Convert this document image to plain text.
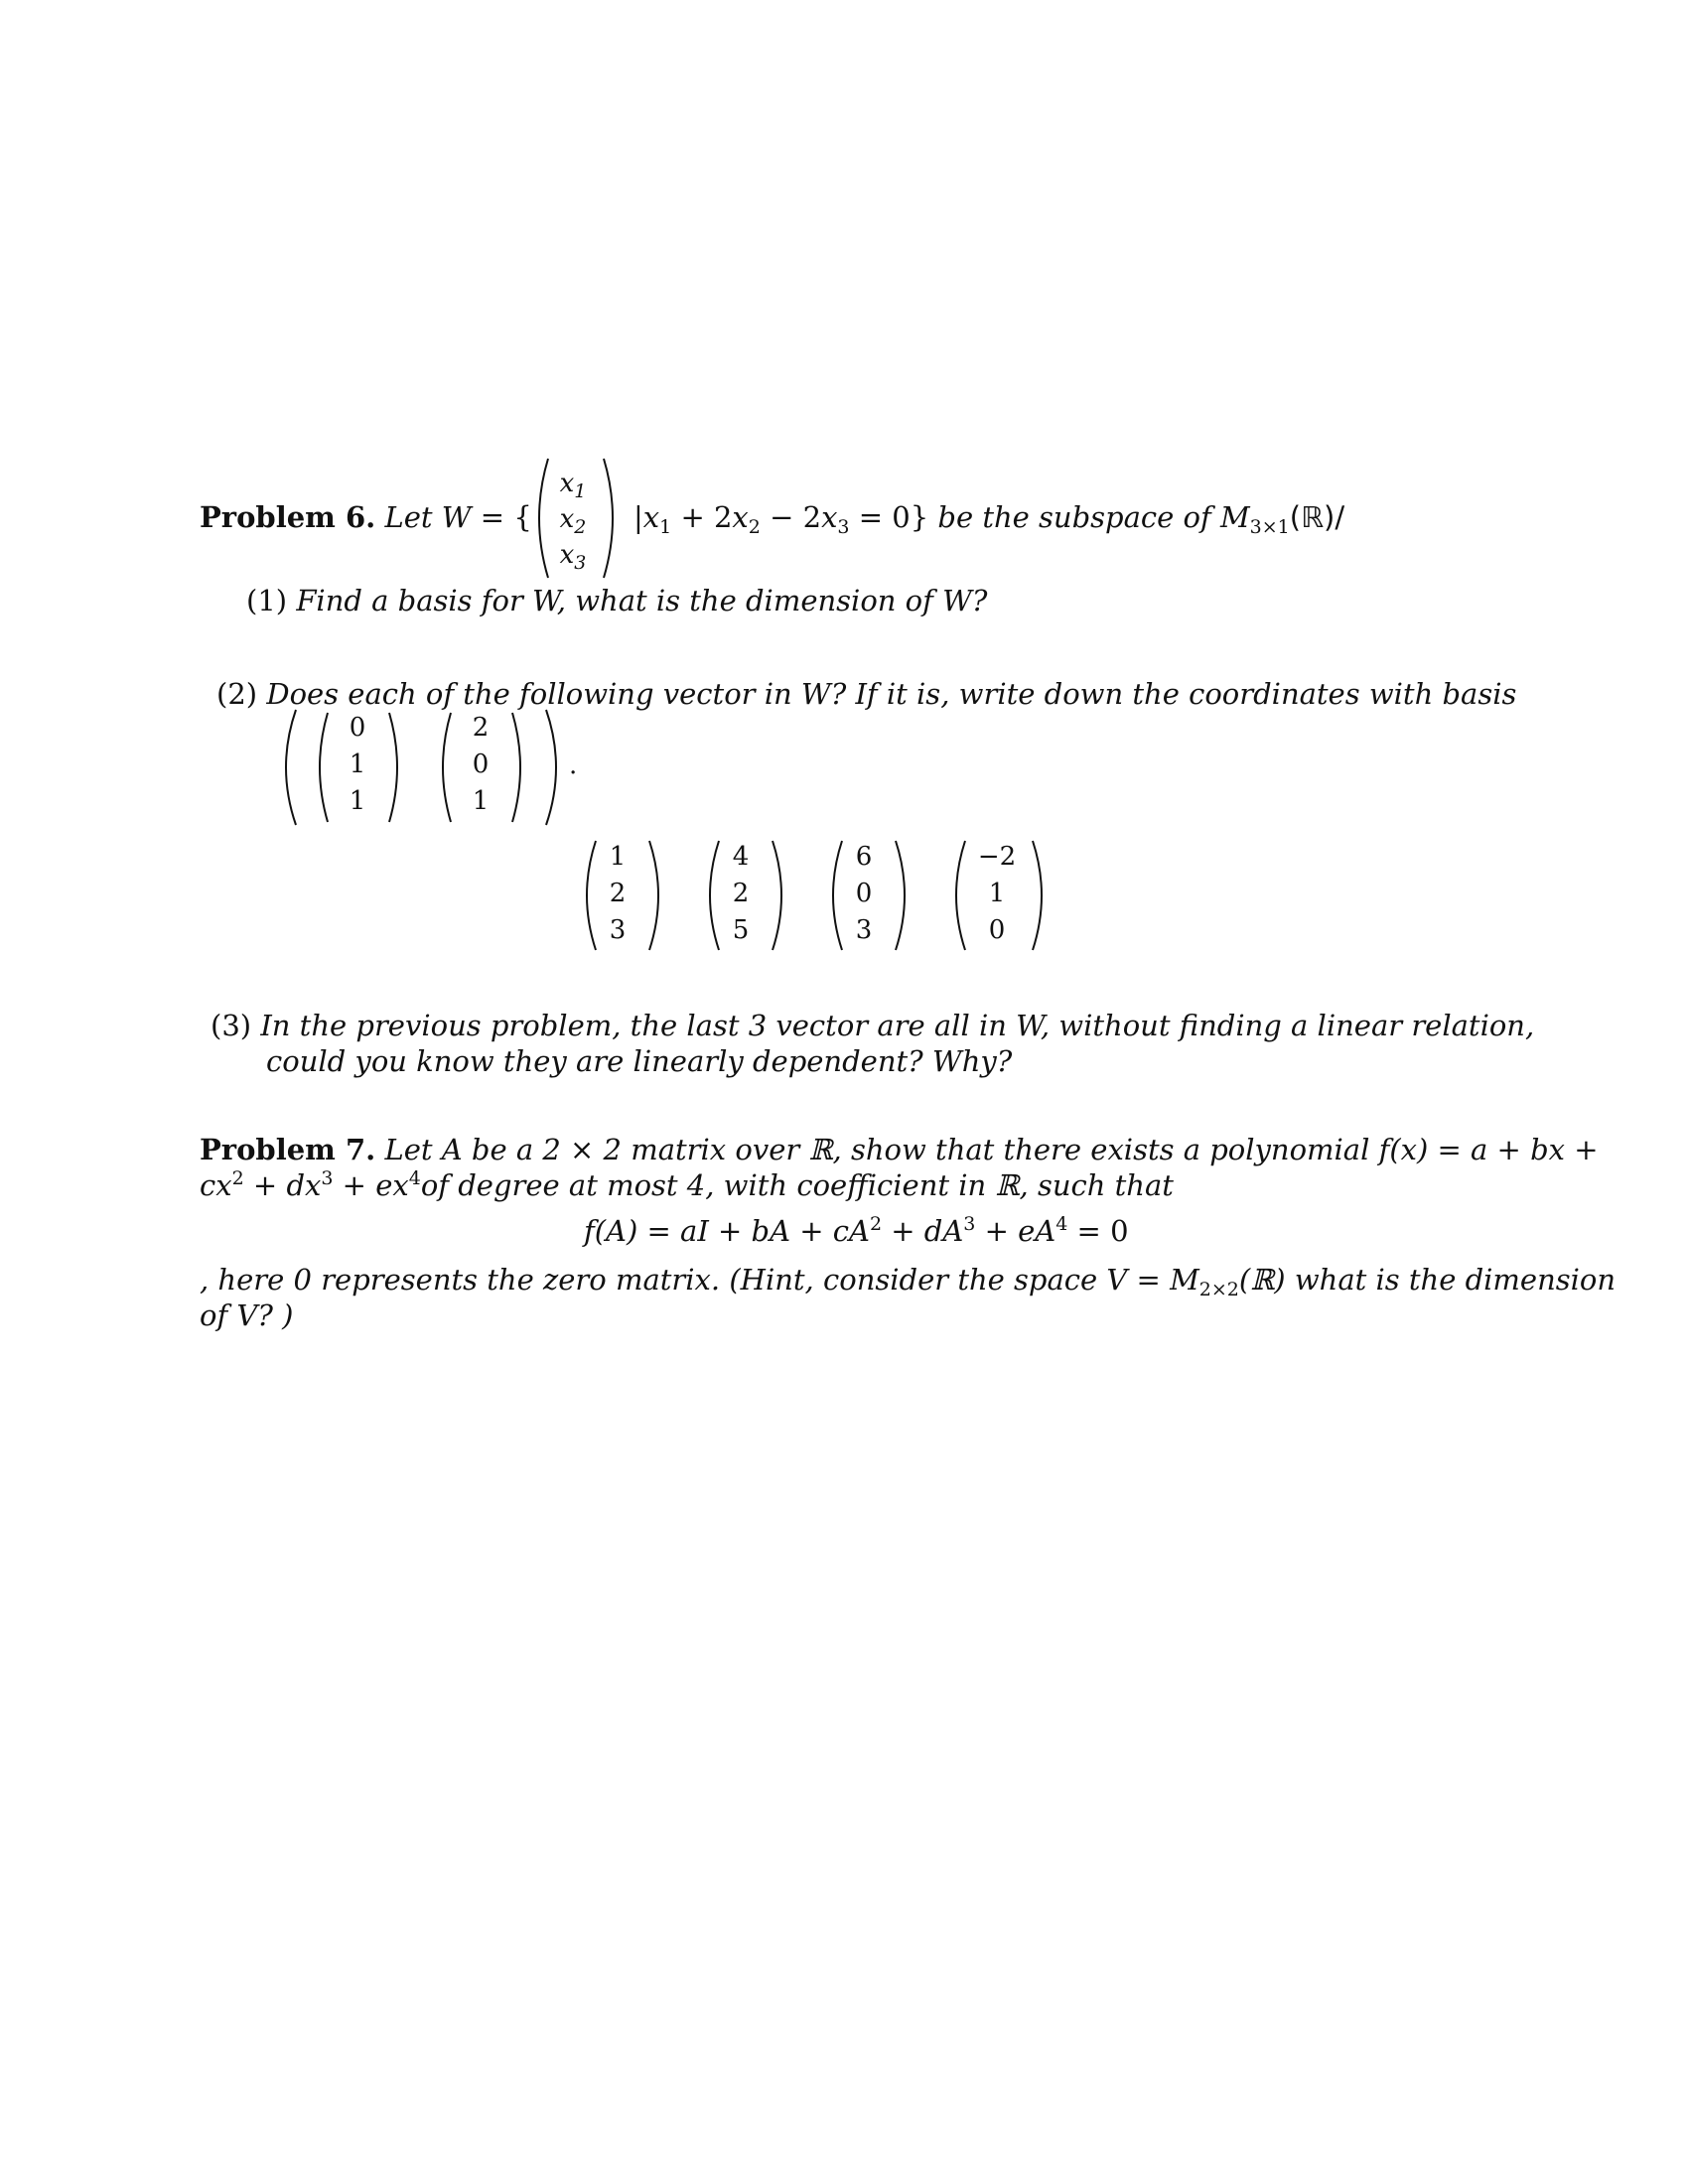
Problem 6. Let W = {
$x_1$
$x_2$
$x_3$
$|x_1 + 2x_2 - 2x_3 = 0$} be the subspace of $M_{3\times 1}(ℝ)/$
(1) Find a basis for W, what is the dimension of W?
(2) Does each of the following vector in W? If it is, write down the coordinates with basis
0
1
1
2
0
1
.
1
2
3
4
2
5
6
0
3
−2
1
0
(3) In the previous problem, the last 3 vector are all in W, without finding a linear relation,
could you know they are linearly dependent? Why?
Problem 7. Let A be a 2 × 2 matrix over ℝ, show that there exists a polynomial f(x) = a + bx +
$cx^2 + dx^3 + ex^4of$ degree at most 4, with coefficient in ℝ, such that
f(A) = aI + bA + $cA^2 + dA^3 + eA^4 = 0$
, here 0 represents the zero matrix. (Hint, consider the space $V = M_{2\times 2}(ℝ)$ what is the dimension
of V? )
